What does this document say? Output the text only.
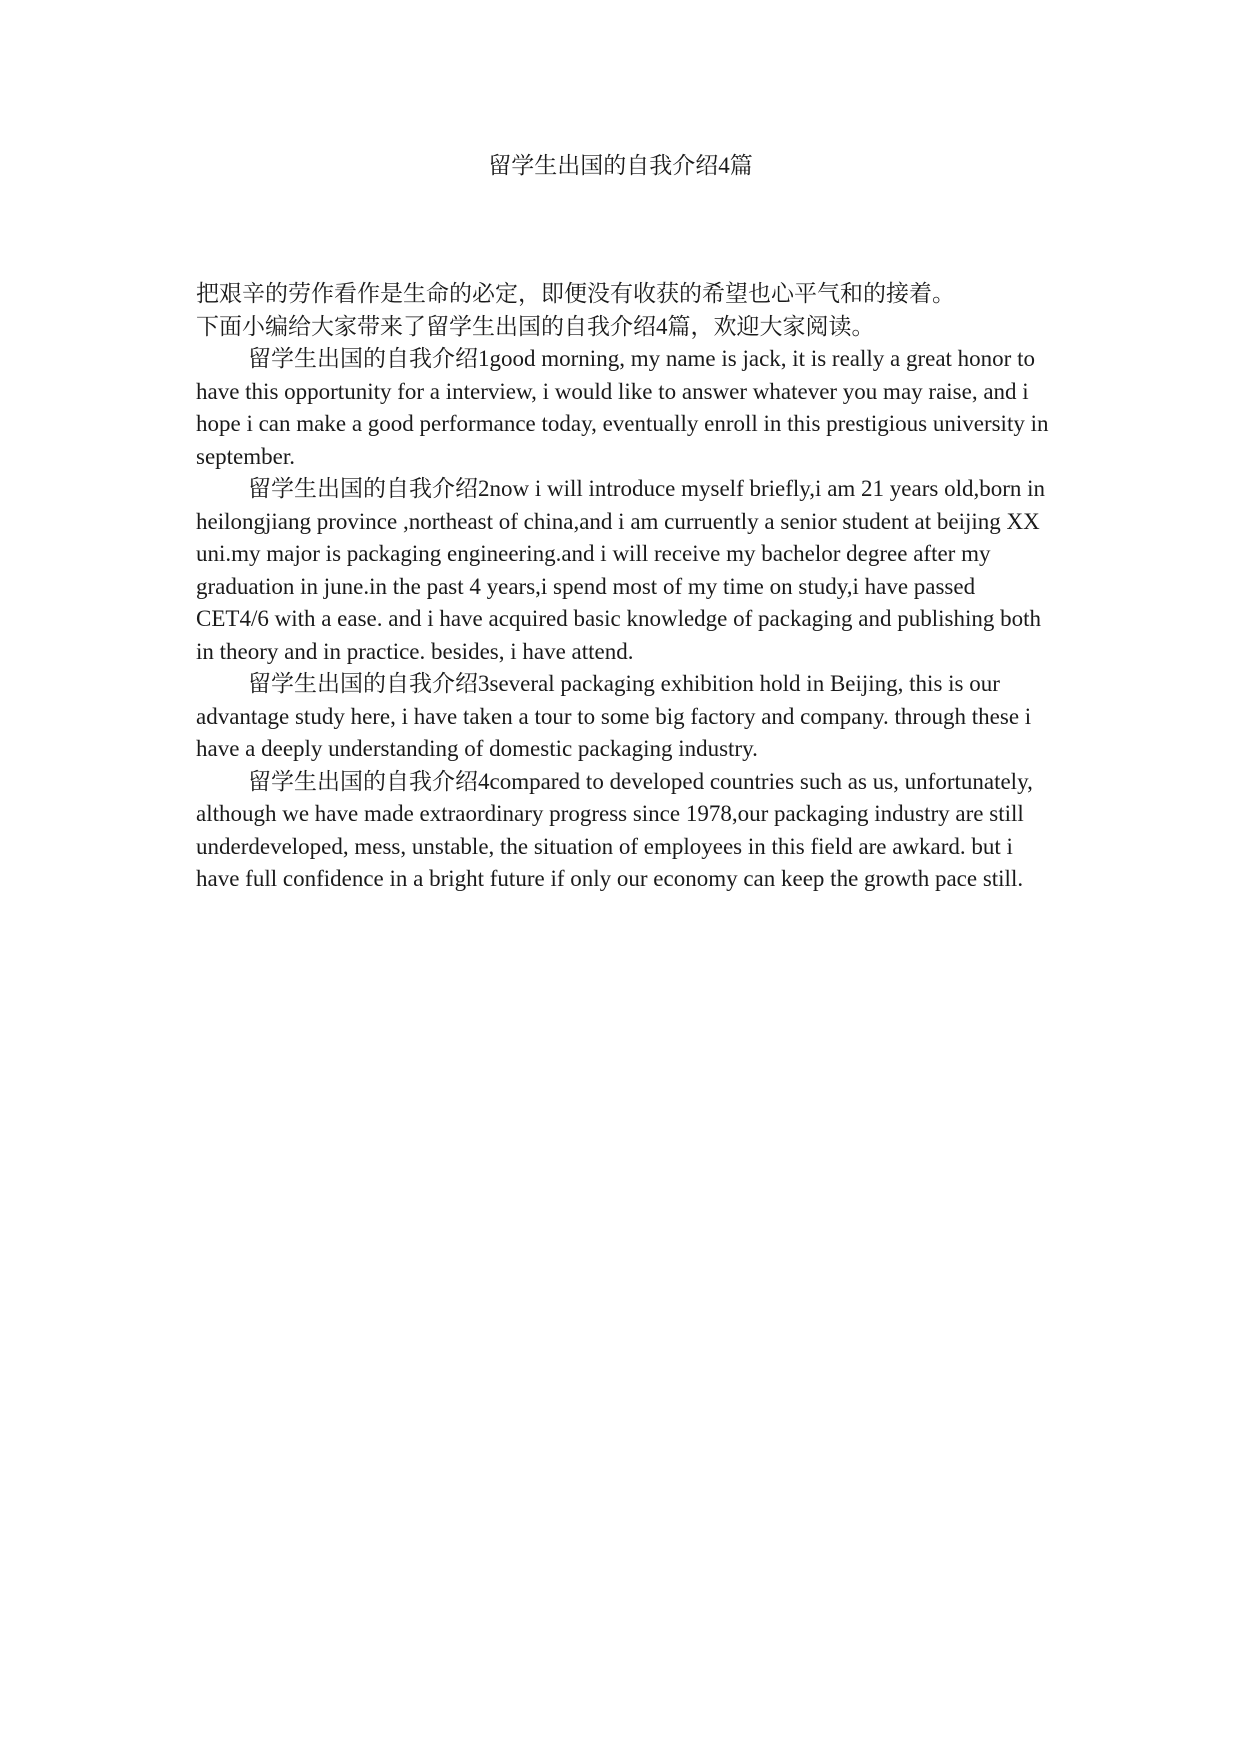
留学生出国的自我介绍4篇

把艰辛的劳作看作是生命的必定，即便没有收获的希望也心平气和的接着。

下面小编给大家带来了留学生出国的自我介绍4篇，欢迎大家阅读。

留学生出国的自我介绍1good morning, my name is jack, it is really a great honor to have this opportunity for a interview, i would like to answer whatever you may raise, and i hope i can make a good performance today, eventually enroll in this prestigious university in september.

留学生出国的自我介绍2now i will introduce myself briefly,i am 21 years old,born in heilongjiang province ,northeast of china,and i am curruently a senior student at beijing XX uni.my major is packaging engineering.and i will receive my bachelor degree after my graduation in june.in the past 4 years,i spend most of my time on study,i have passed CET4/6 with a ease. and i have acquired basic knowledge of packaging and publishing both in theory and in practice. besides, i have attend.

留学生出国的自我介绍3several packaging exhibition hold in Beijing, this is our advantage study here, i have taken a tour to some big factory and company. through these i have a deeply understanding of domestic packaging industry.

留学生出国的自我介绍4compared to developed countries such as us, unfortunately, although we have made extraordinary progress since 1978,our packaging industry are still underdeveloped, mess, unstable, the situation of employees in this field are awkard. but i have full confidence in a bright future if only our economy can keep the growth pace still.
